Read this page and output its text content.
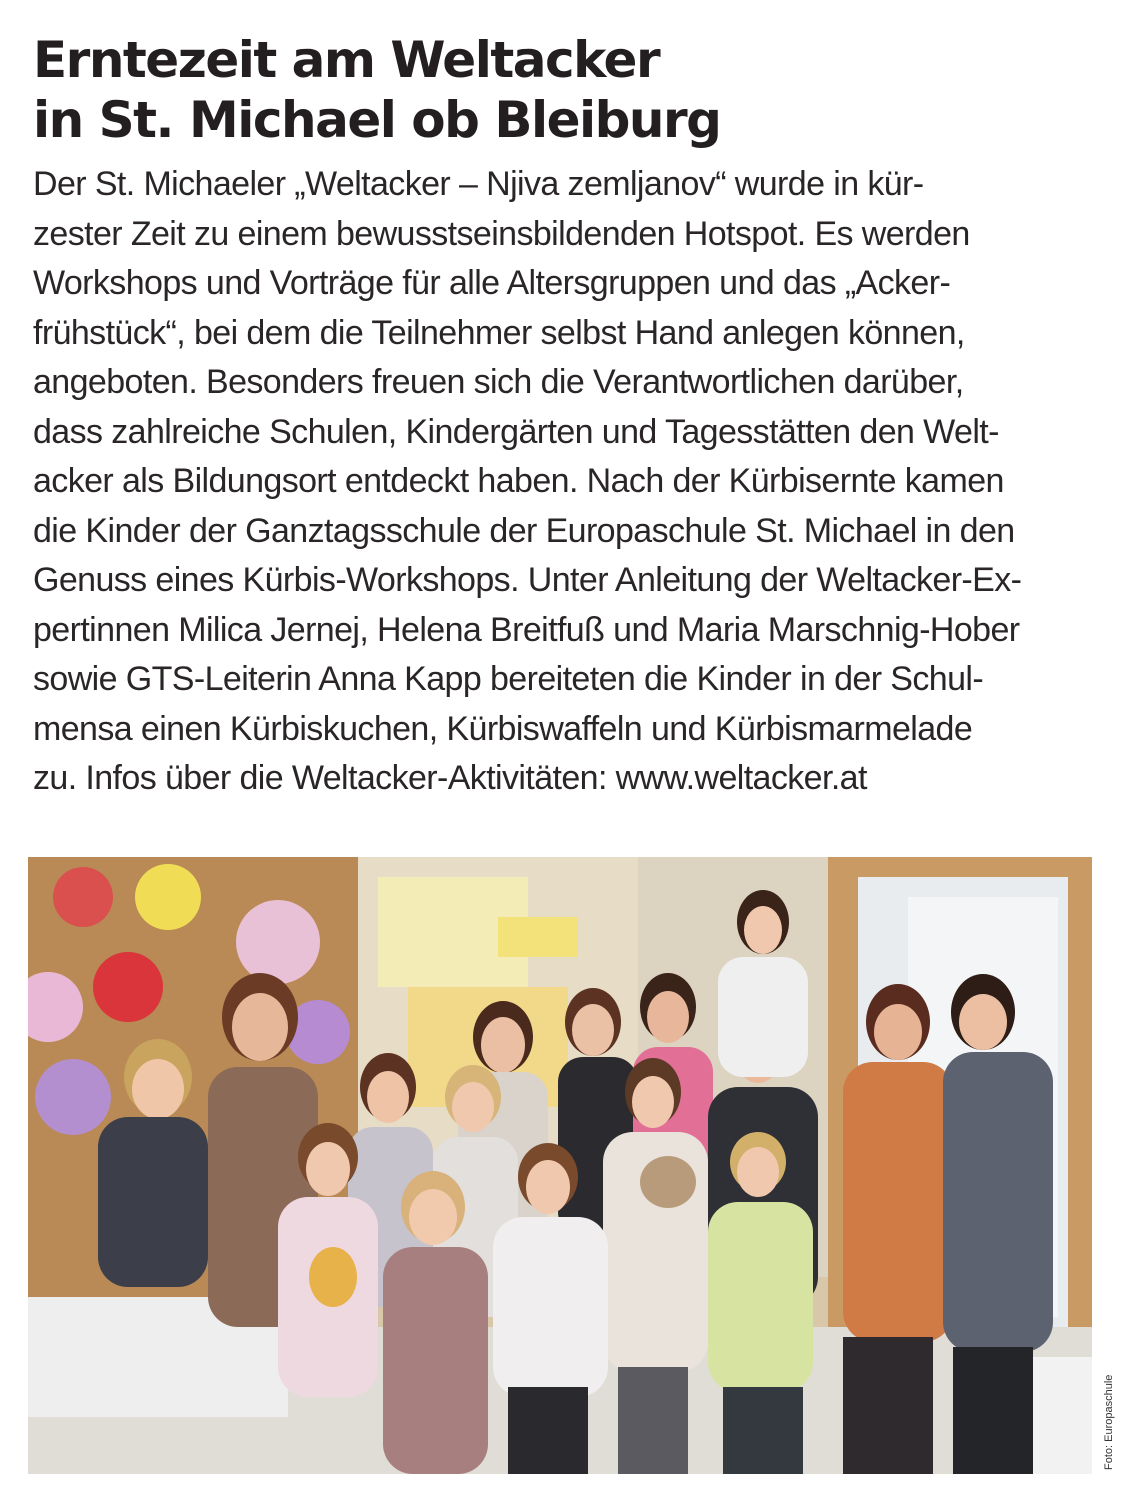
Erntezeit am Weltacker
in St. Michael ob Bleiburg
Der St. Michaeler „Weltacker – Njiva zemljanov“ wurde in kür-
zester Zeit zu einem bewusstseinsbildenden Hotspot. Es werden
Workshops und Vorträge für alle Altersgruppen und das „Acker-
frühstück“, bei dem die Teilnehmer selbst Hand anlegen können,
angeboten. Besonders freuen sich die Verantwortlichen darüber,
dass zahlreiche Schulen, Kindergärten und Tagesstätten den Welt-
acker als Bildungsort entdeckt haben. Nach der Kürbisernte kamen
die Kinder der Ganztagsschule der Europaschule St. Michael in den
Genuss eines Kürbis-Workshops. Unter Anleitung der Weltacker-Ex-
pertinnen Milica Jernej, Helena Breitfuß und Maria Marschnig-Hober
sowie GTS-Leiterin Anna Kapp bereiteten die Kinder in der Schul-
mensa einen Kürbiskuchen, Kürbiswaffeln und Kürbismarmelade
zu. Infos über die Weltacker-Aktivitäten: www.weltacker.at
Foto: Europaschule
